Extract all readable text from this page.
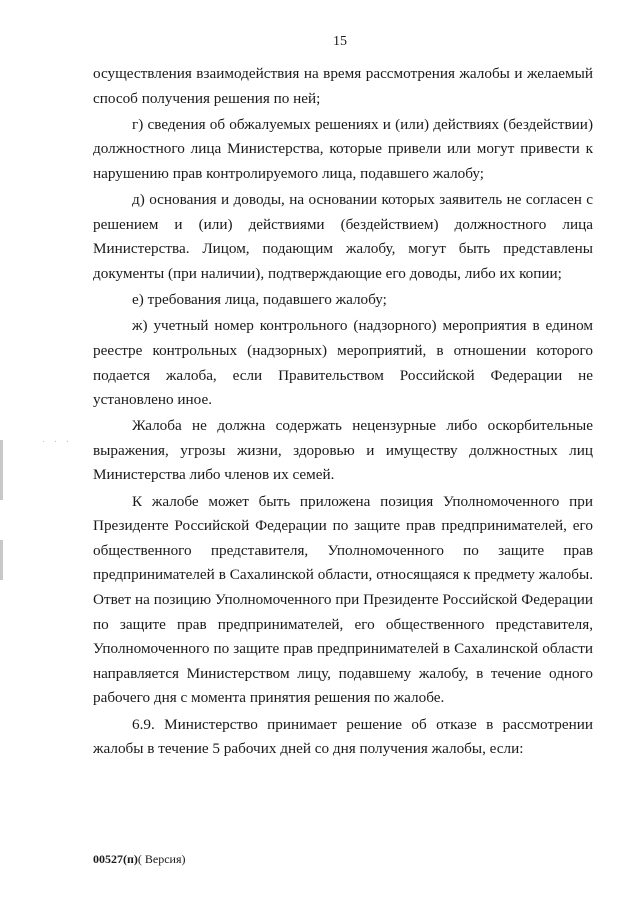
· · ·
15

осуществления взаимодействия на время рассмотрения жалобы и желаемый способ получения решения по ней;

г) сведения об обжалуемых решениях и (или) действиях (бездействии) должностного лица Министерства, которые привели или могут привести к нарушению прав контролируемого лица, подавшего жалобу;

д) основания и доводы, на основании которых заявитель не согласен с решением и (или) действиями (бездействием) должностного лица Министерства. Лицом, подающим жалобу, могут быть представлены документы (при наличии), подтверждающие его доводы, либо их копии;

е) требования лица, подавшего жалобу;

ж) учетный номер контрольного (надзорного) мероприятия в едином реестре контрольных (надзорных) мероприятий, в отношении которого подается жалоба, если Правительством Российской Федерации не установлено иное.

Жалоба не должна содержать нецензурные либо оскорбительные выражения, угрозы жизни, здоровью и имуществу должностных лиц Министерства либо членов их семей.

К жалобе может быть приложена позиция Уполномоченного при Президенте Российской Федерации по защите прав предпринимателей, его общественного представителя, Уполномоченного по защите прав предпринимателей в Сахалинской области, относящаяся к предмету жалобы. Ответ на позицию Уполномоченного при Президенте Российской Федерации по защите прав предпринимателей, его общественного представителя, Уполномоченного по защите прав предпринимателей в Сахалинской области направляется Министерством лицу, подавшему жалобу, в течение одного рабочего дня с момента принятия решения по жалобе.

6.9. Министерство принимает решение об отказе в рассмотрении жалобы в течение 5 рабочих дней со дня получения жалобы, если:

00527(п)( Версия)
